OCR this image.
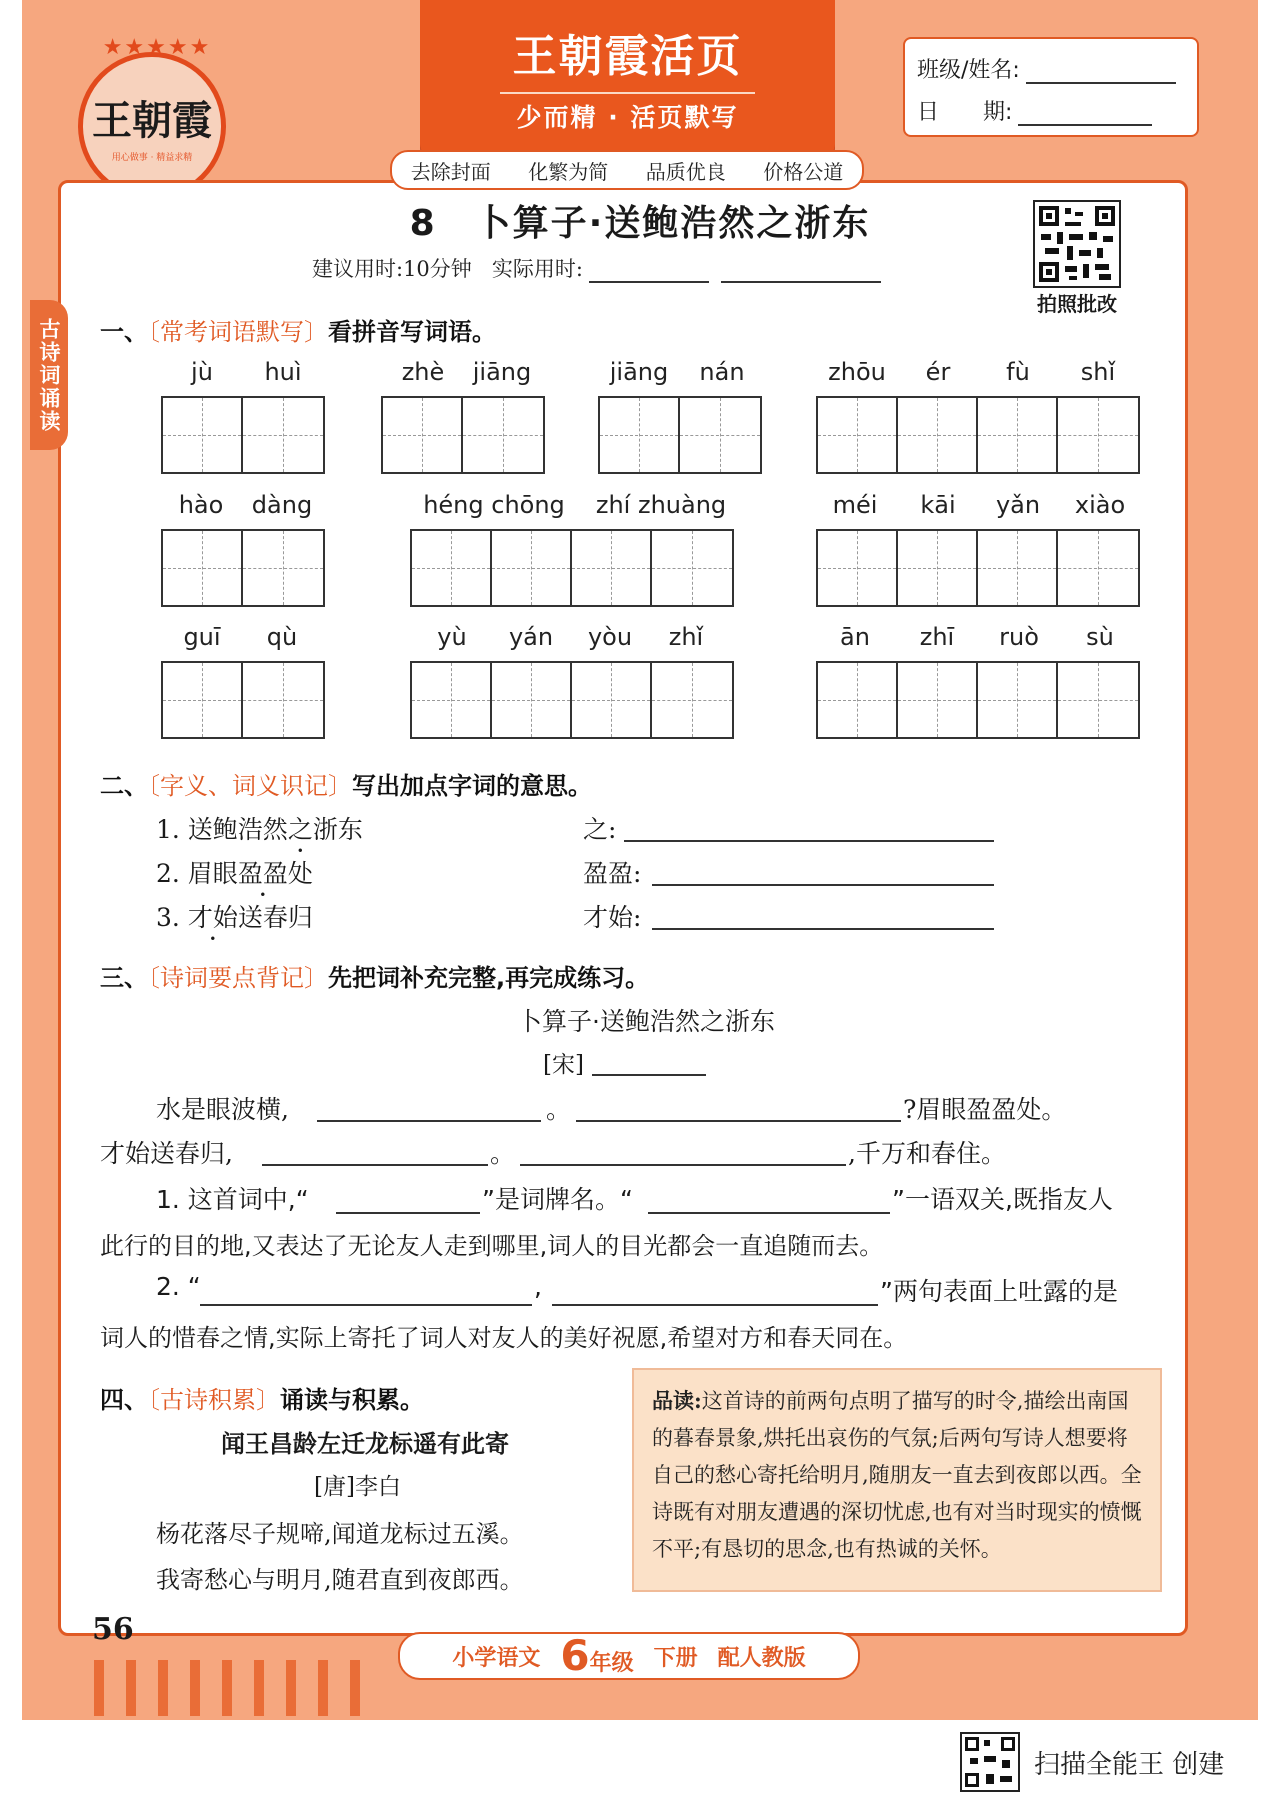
★★★★★
王朝霞
用心做事 · 精益求精
王朝霞活页
少而精 · 活页默写
班级/姓名:
日　　期:
去除封面 化繁为简 品质优良 价格公道
古诗词诵读
8　卜算子·送鲍浩然之浙东
建议用时:10分钟 实际用时:
拍照批改
一、〔常考词语默写〕看拼音写词语。
jù	huì	zhè	jiāng	jiāng	nán	zhōu	ér	fù	shǐ
hào dàng	héng chōng	zhí zhuàng	méi kāi yǎn xiào
guī qù	yù yán yòu zhǐ	ān zhī ruò sù
二、〔字义、词义识记〕写出加点字词的意思。
1. 送鲍浩然之浙东	之:
2. 眉眼盈盈处	盈盈:
3. 才始送春归	才始:
三、〔诗词要点背记〕先把词补充完整,再完成练习。
卜算子·送鲍浩然之浙东
[宋]
水是眼波横,	。	?眉眼盈盈处。
才始送春归,	。	,千万和春住。
1. 这首词中,“	”是词牌名。“	”一语双关,既指友人
此行的目的地,又表达了无论友人走到哪里,词人的目光都会一直追随而去。
2. “	,	”两句表面上吐露的是
词人的惜春之情,实际上寄托了词人对友人的美好祝愿,希望对方和春天同在。
四、〔古诗积累〕诵读与积累。
闻王昌龄左迁龙标遥有此寄
[唐]李白
杨花落尽子规啼,闻道龙标过五溪。
我寄愁心与明月,随君直到夜郎西。
品读:这首诗的前两句点明了描写的时令,描绘出南国的暮春景象,烘托出哀伤的气氛;后两句写诗人想要将自己的愁心寄托给明月,随朋友一直去到夜郎以西。全诗既有对朋友遭遇的深切忧虑,也有对当时现实的愤慨不平;有恳切的思念,也有热诚的关怀。
56
小学语文 6年级 下册 配人教版
扫描全能王 创建
